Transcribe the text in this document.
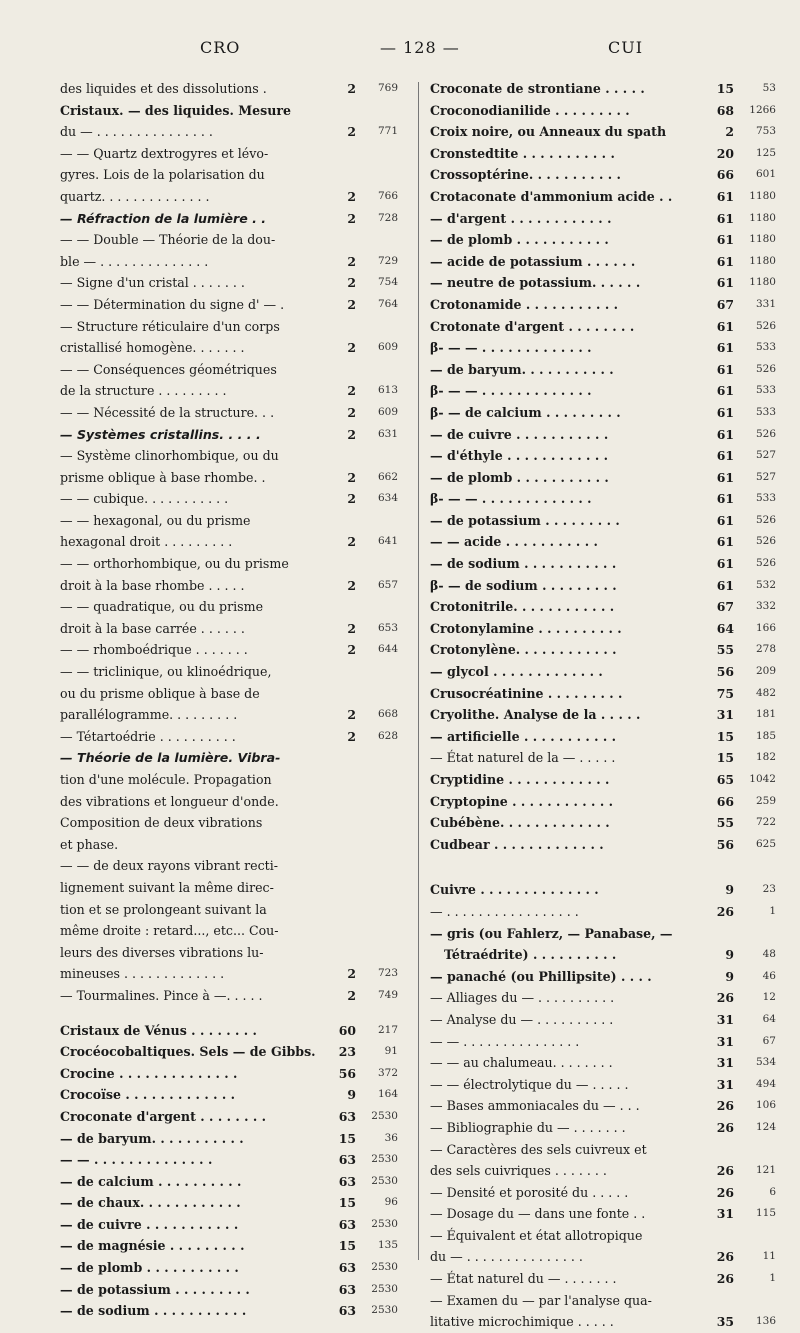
CRO	— 128 —	CUI
des liquides et des dissolutions .	2	769
Cristaux. — des liquides. Mesure
du — . . . . . . . . . . . . . . .	2	771
— — Quartz dextrogyres et lévo-
gyres. Lois de la polarisation du
quartz. . . . . . . . . . . . . .	2	766
— Réfraction de la lumière . .	2	728
— — Double — Théorie de la dou-
ble — . . . . . . . . . . . . . .	2	729
— Signe d'un cristal . . . . . . .	2	754
— — Détermination du signe d' — .	2	764
— Structure réticulaire d'un corps
cristallisé homogène. . . . . . .	2	609
— — Conséquences géométriques
de la structure . . . . . . . . .	2	613
— — Nécessité de la structure. . .	2	609
— Systèmes cristallins. . . . .	2	631
— Système clinorhombique, ou du
prisme oblique à base rhombe. .	2	662
— — cubique. . . . . . . . . . .	2	634
— — hexagonal, ou du prisme
hexagonal droit . . . . . . . . .	2	641
— — orthorhombique, ou du prisme
droit à la base rhombe . . . . .	2	657
— — quadratique, ou du prisme
droit à la base carrée . . . . . .	2	653
— — rhomboédrique . . . . . . .	2	644
— — triclinique, ou klinoédrique,
ou du prisme oblique à base de
parallélogramme. . . . . . . . .	2	668
— Tétartoédrie . . . . . . . . . .	2	628
— Théorie de la lumière. Vibra-
tion d'une molécule. Propagation
des vibrations et longueur d'onde.
Composition de deux vibrations
et phase.
— — de deux rayons vibrant recti-
lignement suivant la même direc-
tion et se prolongeant suivant la
même droite : retard..., etc... Cou-
leurs des diverses vibrations lu-
mineuses . . . . . . . . . . . . .	2	723
— Tourmalines. Pince à —. . . . .	2	749
Cristaux de Vénus . . . . . . . .	60	217
Crocéocobaltiques. Sels — de Gibbs.	23	91
Crocine . . . . . . . . . . . . . .	56	372
Crocoïse . . . . . . . . . . . . .	9	164
Croconate d'argent . . . . . . . .	63	2530
— de baryum. . . . . . . . . . .	15	36
— — . . . . . . . . . . . . . .	63	2530
— de calcium . . . . . . . . . .	63	2530
— de chaux. . . . . . . . . . . .	15	96
— de cuivre . . . . . . . . . . .	63	2530
— de magnésie . . . . . . . . .	15	135
— de plomb . . . . . . . . . . .	63	2530
— de potassium . . . . . . . . .	63	2530
— de sodium . . . . . . . . . . .	63	2530
Croconate de strontiane . . . . .	15	53
Croconodianilide . . . . . . . . .	68	1266
Croix noire, ou Anneaux du spath	2	753
Cronstedtite . . . . . . . . . . .	20	125
Crossoptérine. . . . . . . . . . .	66	601
Crotaconate d'ammonium acide . .	61	1180
— d'argent . . . . . . . . . . . .	61	1180
— de plomb . . . . . . . . . . .	61	1180
— acide de potassium . . . . . .	61	1180
— neutre de potassium. . . . . .	61	1180
Crotonamide . . . . . . . . . . .	67	331
Crotonate d'argent . . . . . . . .	61	526
β- — — . . . . . . . . . . . . .	61	533
— de baryum. . . . . . . . . . .	61	526
β- — — . . . . . . . . . . . . .	61	533
β- — de calcium . . . . . . . . .	61	533
— de cuivre . . . . . . . . . . .	61	526
— d'éthyle . . . . . . . . . . . .	61	527
— de plomb . . . . . . . . . . .	61	527
β- — — . . . . . . . . . . . . .	61	533
— de potassium . . . . . . . . .	61	526
— — acide . . . . . . . . . . .	61	526
— de sodium . . . . . . . . . . .	61	526
β- — de sodium . . . . . . . . .	61	532
Crotonitrile. . . . . . . . . . . .	67	332
Crotonylamine . . . . . . . . . .	64	166
Crotonylène. . . . . . . . . . . .	55	278
— glycol . . . . . . . . . . . . .	56	209
Crusocréatinine . . . . . . . . .	75	482
Cryolithe. Analyse de la . . . . .	31	181
— artificielle . . . . . . . . . . .	15	185
— État naturel de la — . . . . .	15	182
Cryptidine . . . . . . . . . . . .	65	1042
Cryptopine . . . . . . . . . . . .	66	259
Cubébène. . . . . . . . . . . . .	55	722
Cudbear . . . . . . . . . . . . .	56	625
Cuivre . . . . . . . . . . . . . .	9	23
— . . . . . . . . . . . . . . . . .	26	1
— gris (ou Fahlerz, — Panabase, —
Tétraédrite) . . . . . . . . . .	9	48
— panaché (ou Phillipsite) . . . .	9	46
— Alliages du — . . . . . . . . . .	26	12
— Analyse du — . . . . . . . . . .	31	64
— — . . . . . . . . . . . . . . .	31	67
— — au chalumeau. . . . . . . .	31	534
— — électrolytique du — . . . . .	31	494
— Bases ammoniacales du — . . .	26	106
— Bibliographie du — . . . . . . .	26	124
— Caractères des sels cuivreux et
des sels cuivriques . . . . . . .	26	121
— Densité et porosité du . . . . .	26	6
— Dosage du — dans une fonte . .	31	115
— Équivalent et état allotropique
du — . . . . . . . . . . . . . . .	26	11
— État naturel du — . . . . . . .	26	1
— Examen du — par l'analyse qua-
litative microchimique . . . . .	35	136
